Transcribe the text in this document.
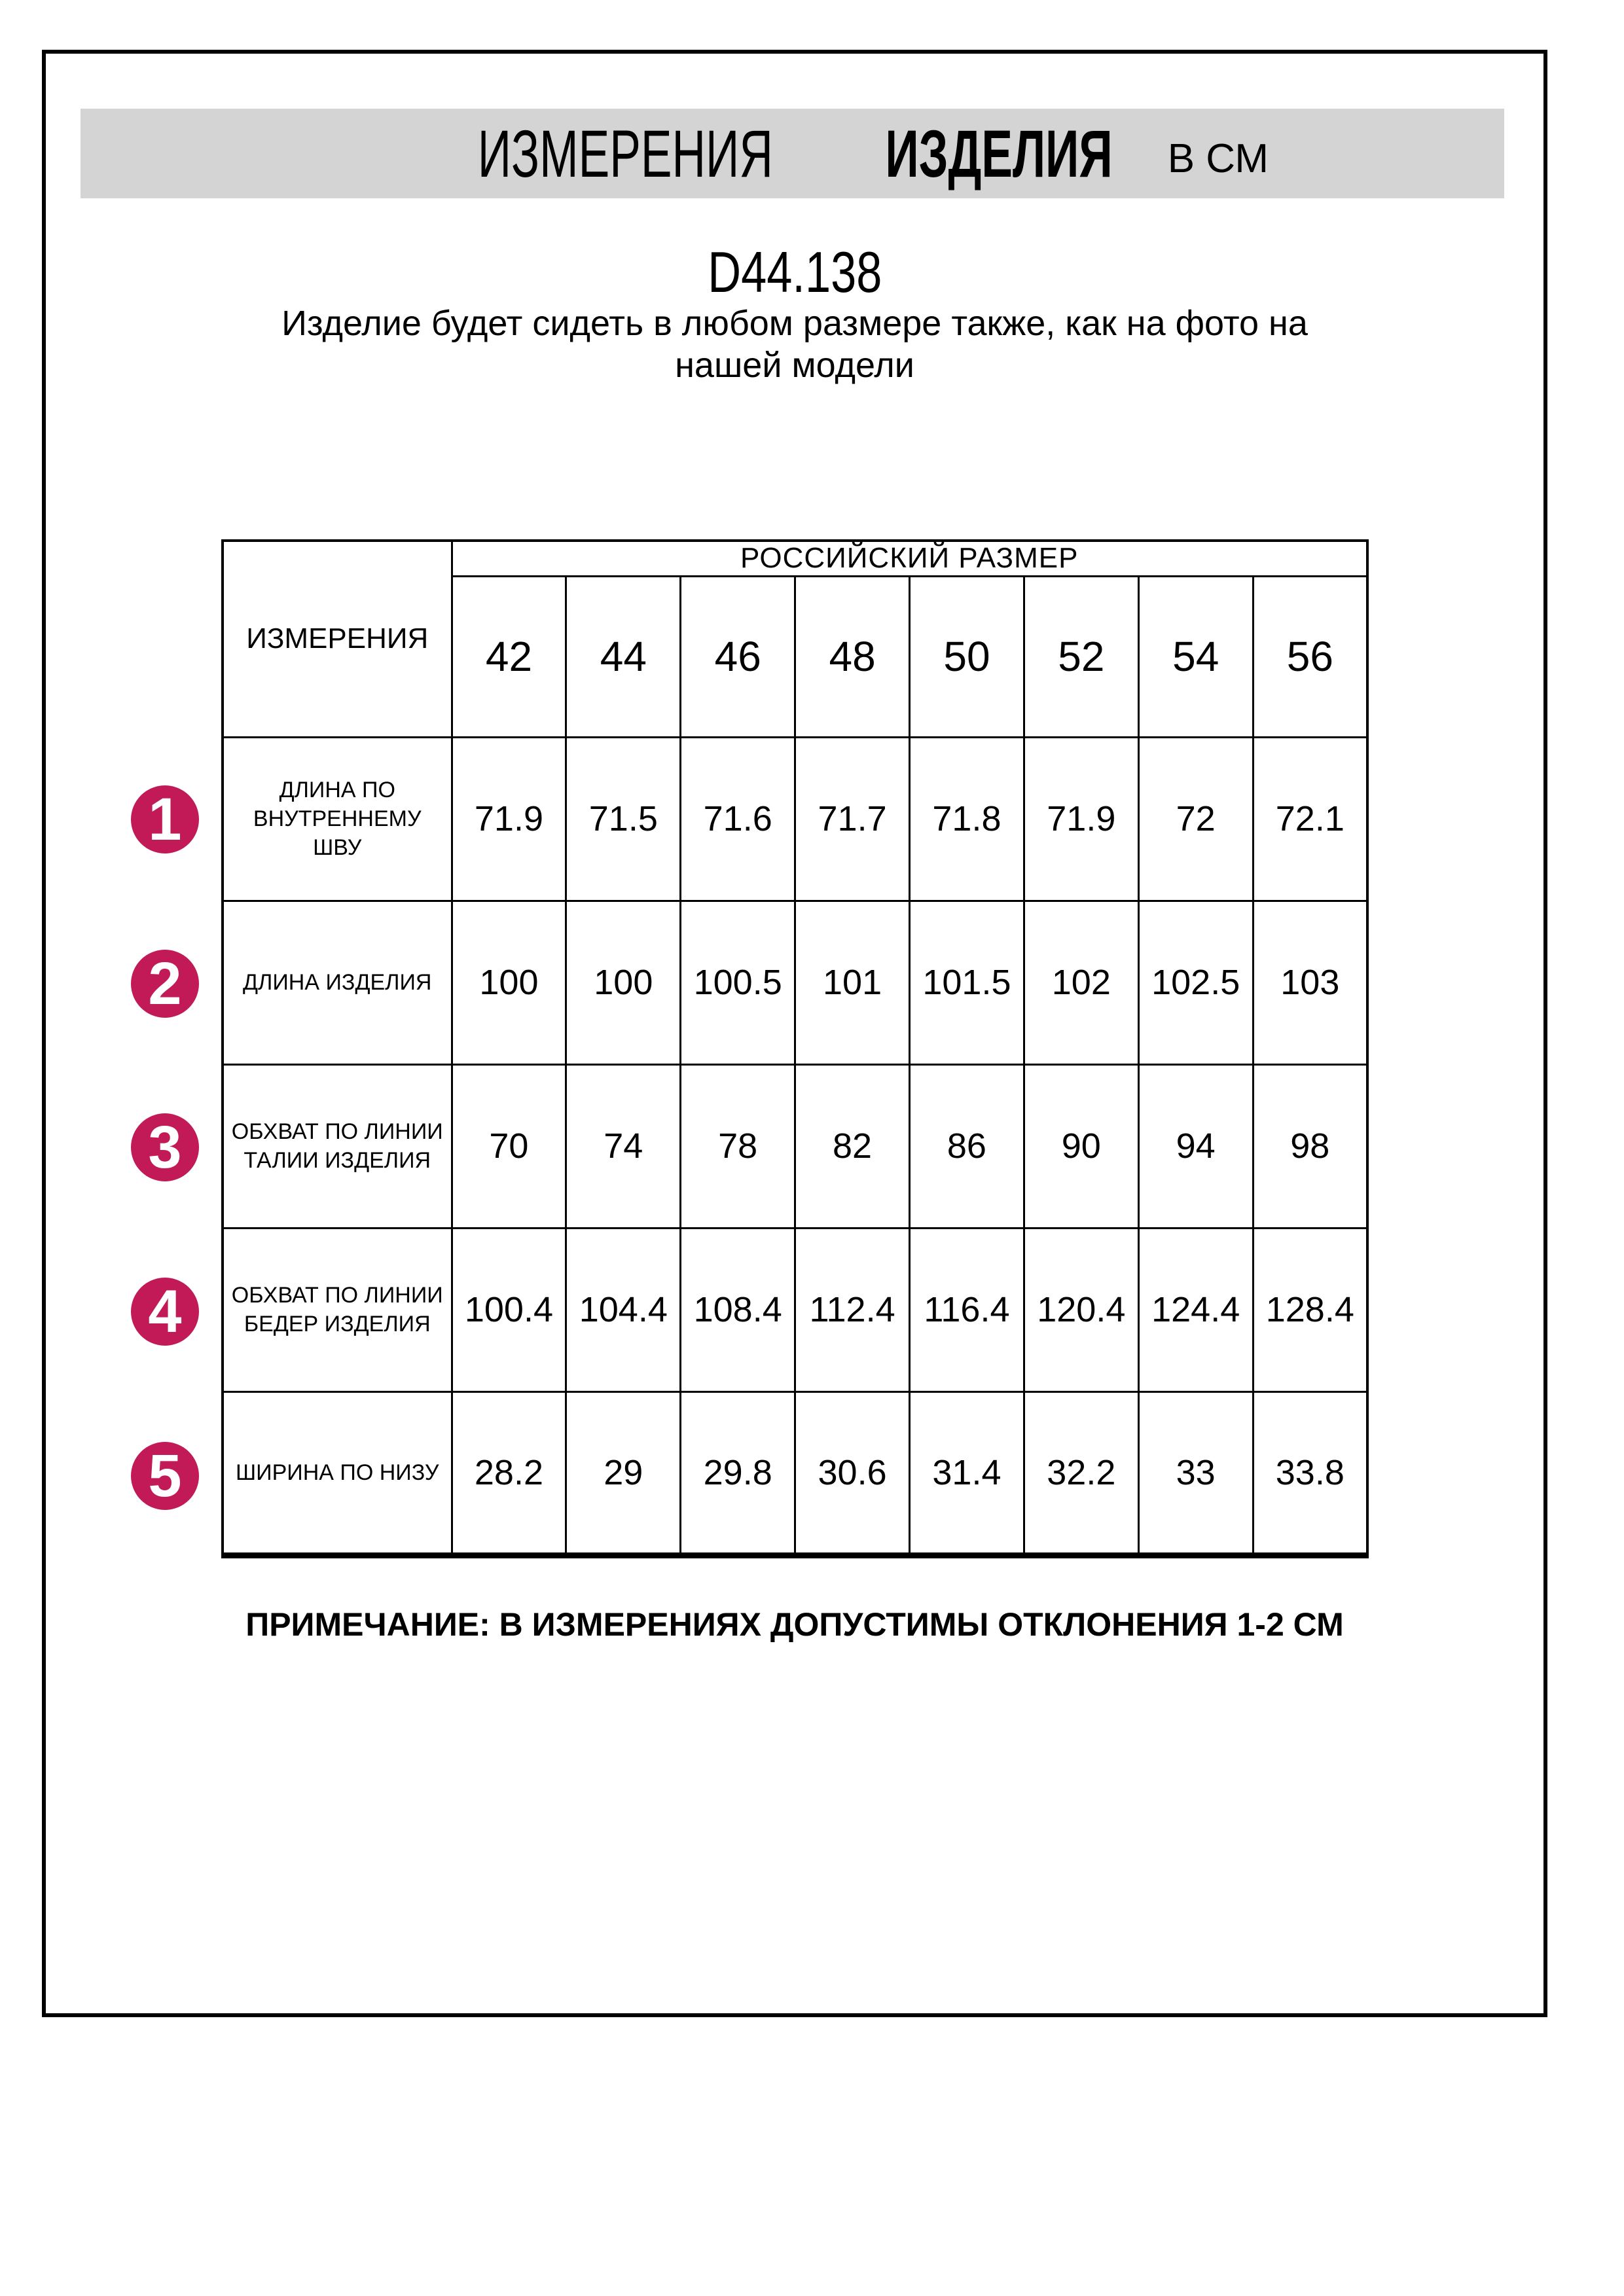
ИЗМЕРЕНИЯ ИЗДЕЛИЯ В СМ
D44.138
Изделие будет сидеть в любом размере также, как на фото на
нашей модели
ИЗМЕРЕНИЯ	РОССИЙСКИЙ РАЗМЕР							
	42	44	46	48	50	52	54	56
ДЛИНА ПО ВНУТРЕННЕМУ ШВУ	71.9	71.5	71.6	71.7	71.8	71.9	72	72.1
ДЛИНА ИЗДЕЛИЯ	100	100	100.5	101	101.5	102	102.5	103
ОБХВАТ ПО ЛИНИИ ТАЛИИ ИЗДЕЛИЯ	70	74	78	82	86	90	94	98
ОБХВАТ ПО ЛИНИИ БЕДЕР ИЗДЕЛИЯ	100.4	104.4	108.4	112.4	116.4	120.4	124.4	128.4
ШИРИНА ПО НИЗУ	28.2	29	29.8	30.6	31.4	32.2	33	33.8
ПРИМЕЧАНИЕ: В ИЗМЕРЕНИЯХ ДОПУСТИМЫ ОТКЛОНЕНИЯ 1-2 СМ
1
2
3
4
5
